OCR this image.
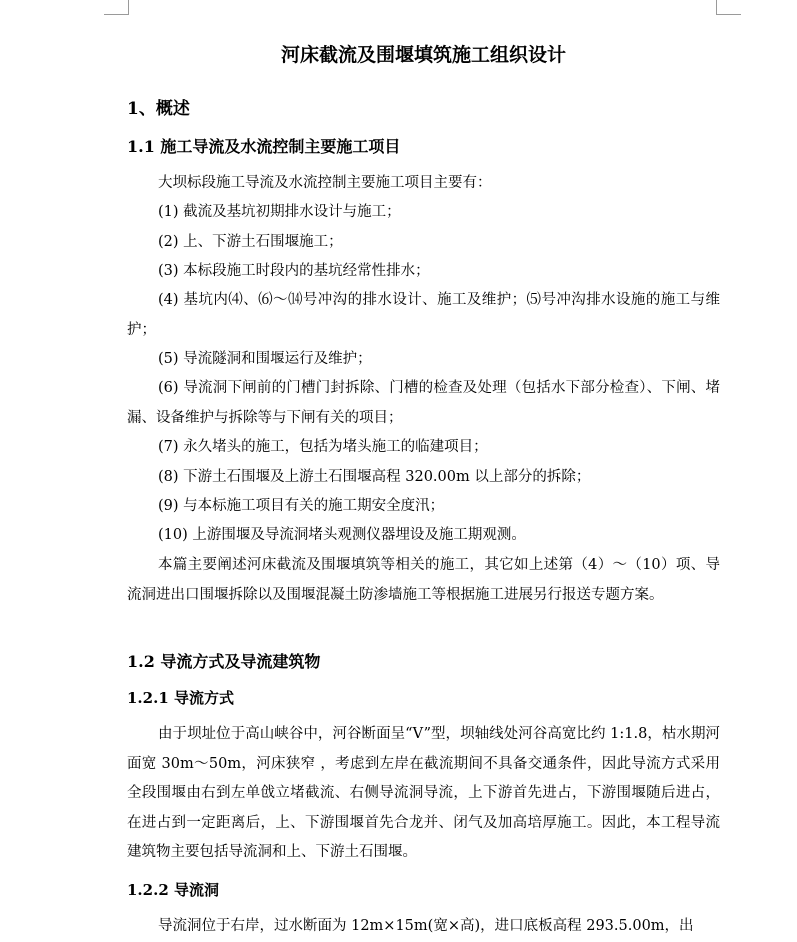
河床截流及围堰填筑施工组织设计
1、概述
1.1 施工导流及水流控制主要施工项目

大坝标段施工导流及水流控制主要施工项目主要有：

(1) 截流及基坑初期排水设计与施工；

(2) 上、下游土石围堰施工；

(3) 本标段施工时段内的基坑经常性排水；

(4) 基坑内⑷、⑹～⒁号冲沟的排水设计、施工及维护；⑸号冲沟排水设施的施工与维护；

(5) 导流隧洞和围堰运行及维护；

(6) 导流洞下闸前的门槽门封拆除、门槽的检查及处理（包括水下部分检查）、下闸、堵漏、设备维护与拆除等与下闸有关的项目；

(7) 永久堵头的施工，包括为堵头施工的临建项目；

(8) 下游土石围堰及上游土石围堰高程 320.00m 以上部分的拆除；

(9) 与本标施工项目有关的施工期安全度汛；

(10) 上游围堰及导流洞堵头观测仪器埋设及施工期观测。

本篇主要阐述河床截流及围堰填筑等相关的施工，其它如上述第（4）～（10）项、导流洞进出口围堰拆除以及围堰混凝土防渗墙施工等根据施工进展另行报送专题方案。

1.2 导流方式及导流建筑物
1.2.1 导流方式

由于坝址位于高山峡谷中，河谷断面呈“V”型，坝轴线处河谷高宽比约 1:1.8，枯水期河面宽 30m～50m，河床狭窄 ，考虑到左岸在截流期间不具备交通条件，因此导流方式采用全段围堰由右到左单戗立堵截流、右侧导流洞导流，上下游首先进占，下游围堰随后进占，在进占到一定距离后，上、下游围堰首先合龙并、闭气及加高培厚施工。因此，本工程导流建筑物主要包括导流洞和上、下游土石围堰。

1.2.2 导流洞

导流洞位于右岸，过水断面为 12m×15m(宽×高)，进口底板高程 293.5.00m，出
